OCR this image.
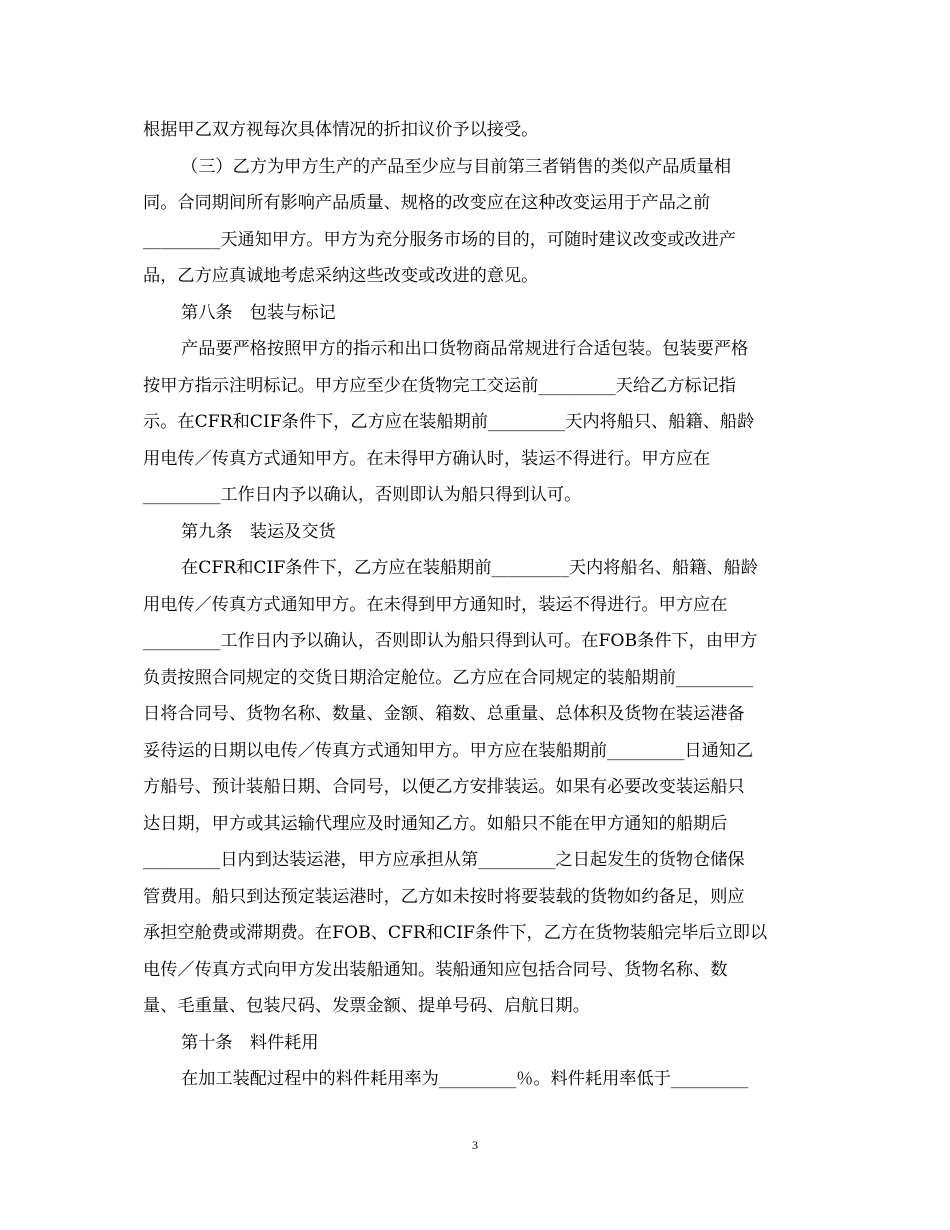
根据甲乙双方视每次具体情况的折扣议价予以接受。
（三）乙方为甲方生产的产品至少应与目前第三者销售的类似产品质量相
同。合同期间所有影响产品质量、规格的改变应在这种改变运用于产品之前
_________天通知甲方。甲方为充分服务市场的目的，可随时建议改变或改进产
品，乙方应真诚地考虑采纳这些改变或改进的意见。
第八条　包装与标记
产品要严格按照甲方的指示和出口货物商品常规进行合适包装。包装要严格
按甲方指示注明标记。甲方应至少在货物完工交运前_________天给乙方标记指
示。在CFR和CIF条件下，乙方应在装船期前_________天内将船只、船籍、船龄
用电传／传真方式通知甲方。在未得甲方确认时，装运不得进行。甲方应在
_________工作日内予以确认，否则即认为船只得到认可。
第九条　装运及交货
在CFR和CIF条件下，乙方应在装船期前_________天内将船名、船籍、船龄
用电传／传真方式通知甲方。在未得到甲方通知时，装运不得进行。甲方应在
_________工作日内予以确认，否则即认为船只得到认可。在FOB条件下，由甲方
负责按照合同规定的交货日期洽定舱位。乙方应在合同规定的装船期前_________
日将合同号、货物名称、数量、金额、箱数、总重量、总体积及货物在装运港备
妥待运的日期以电传／传真方式通知甲方。甲方应在装船期前_________日通知乙
方船号、预计装船日期、合同号，以便乙方安排装运。如果有必要改变装运船只
达日期，甲方或其运输代理应及时通知乙方。如船只不能在甲方通知的船期后
_________日内到达装运港，甲方应承担从第_________之日起发生的货物仓储保
管费用。船只到达预定装运港时，乙方如未按时将要装载的货物如约备足，则应
承担空舱费或滞期费。在FOB、CFR和CIF条件下，乙方在货物装船完毕后立即以
电传／传真方式向甲方发出装船通知。装船通知应包括合同号、货物名称、数
量、毛重量、包装尺码、发票金额、提单号码、启航日期。
第十条　料件耗用
在加工装配过程中的料件耗用率为_________％。料件耗用率低于_________
3
